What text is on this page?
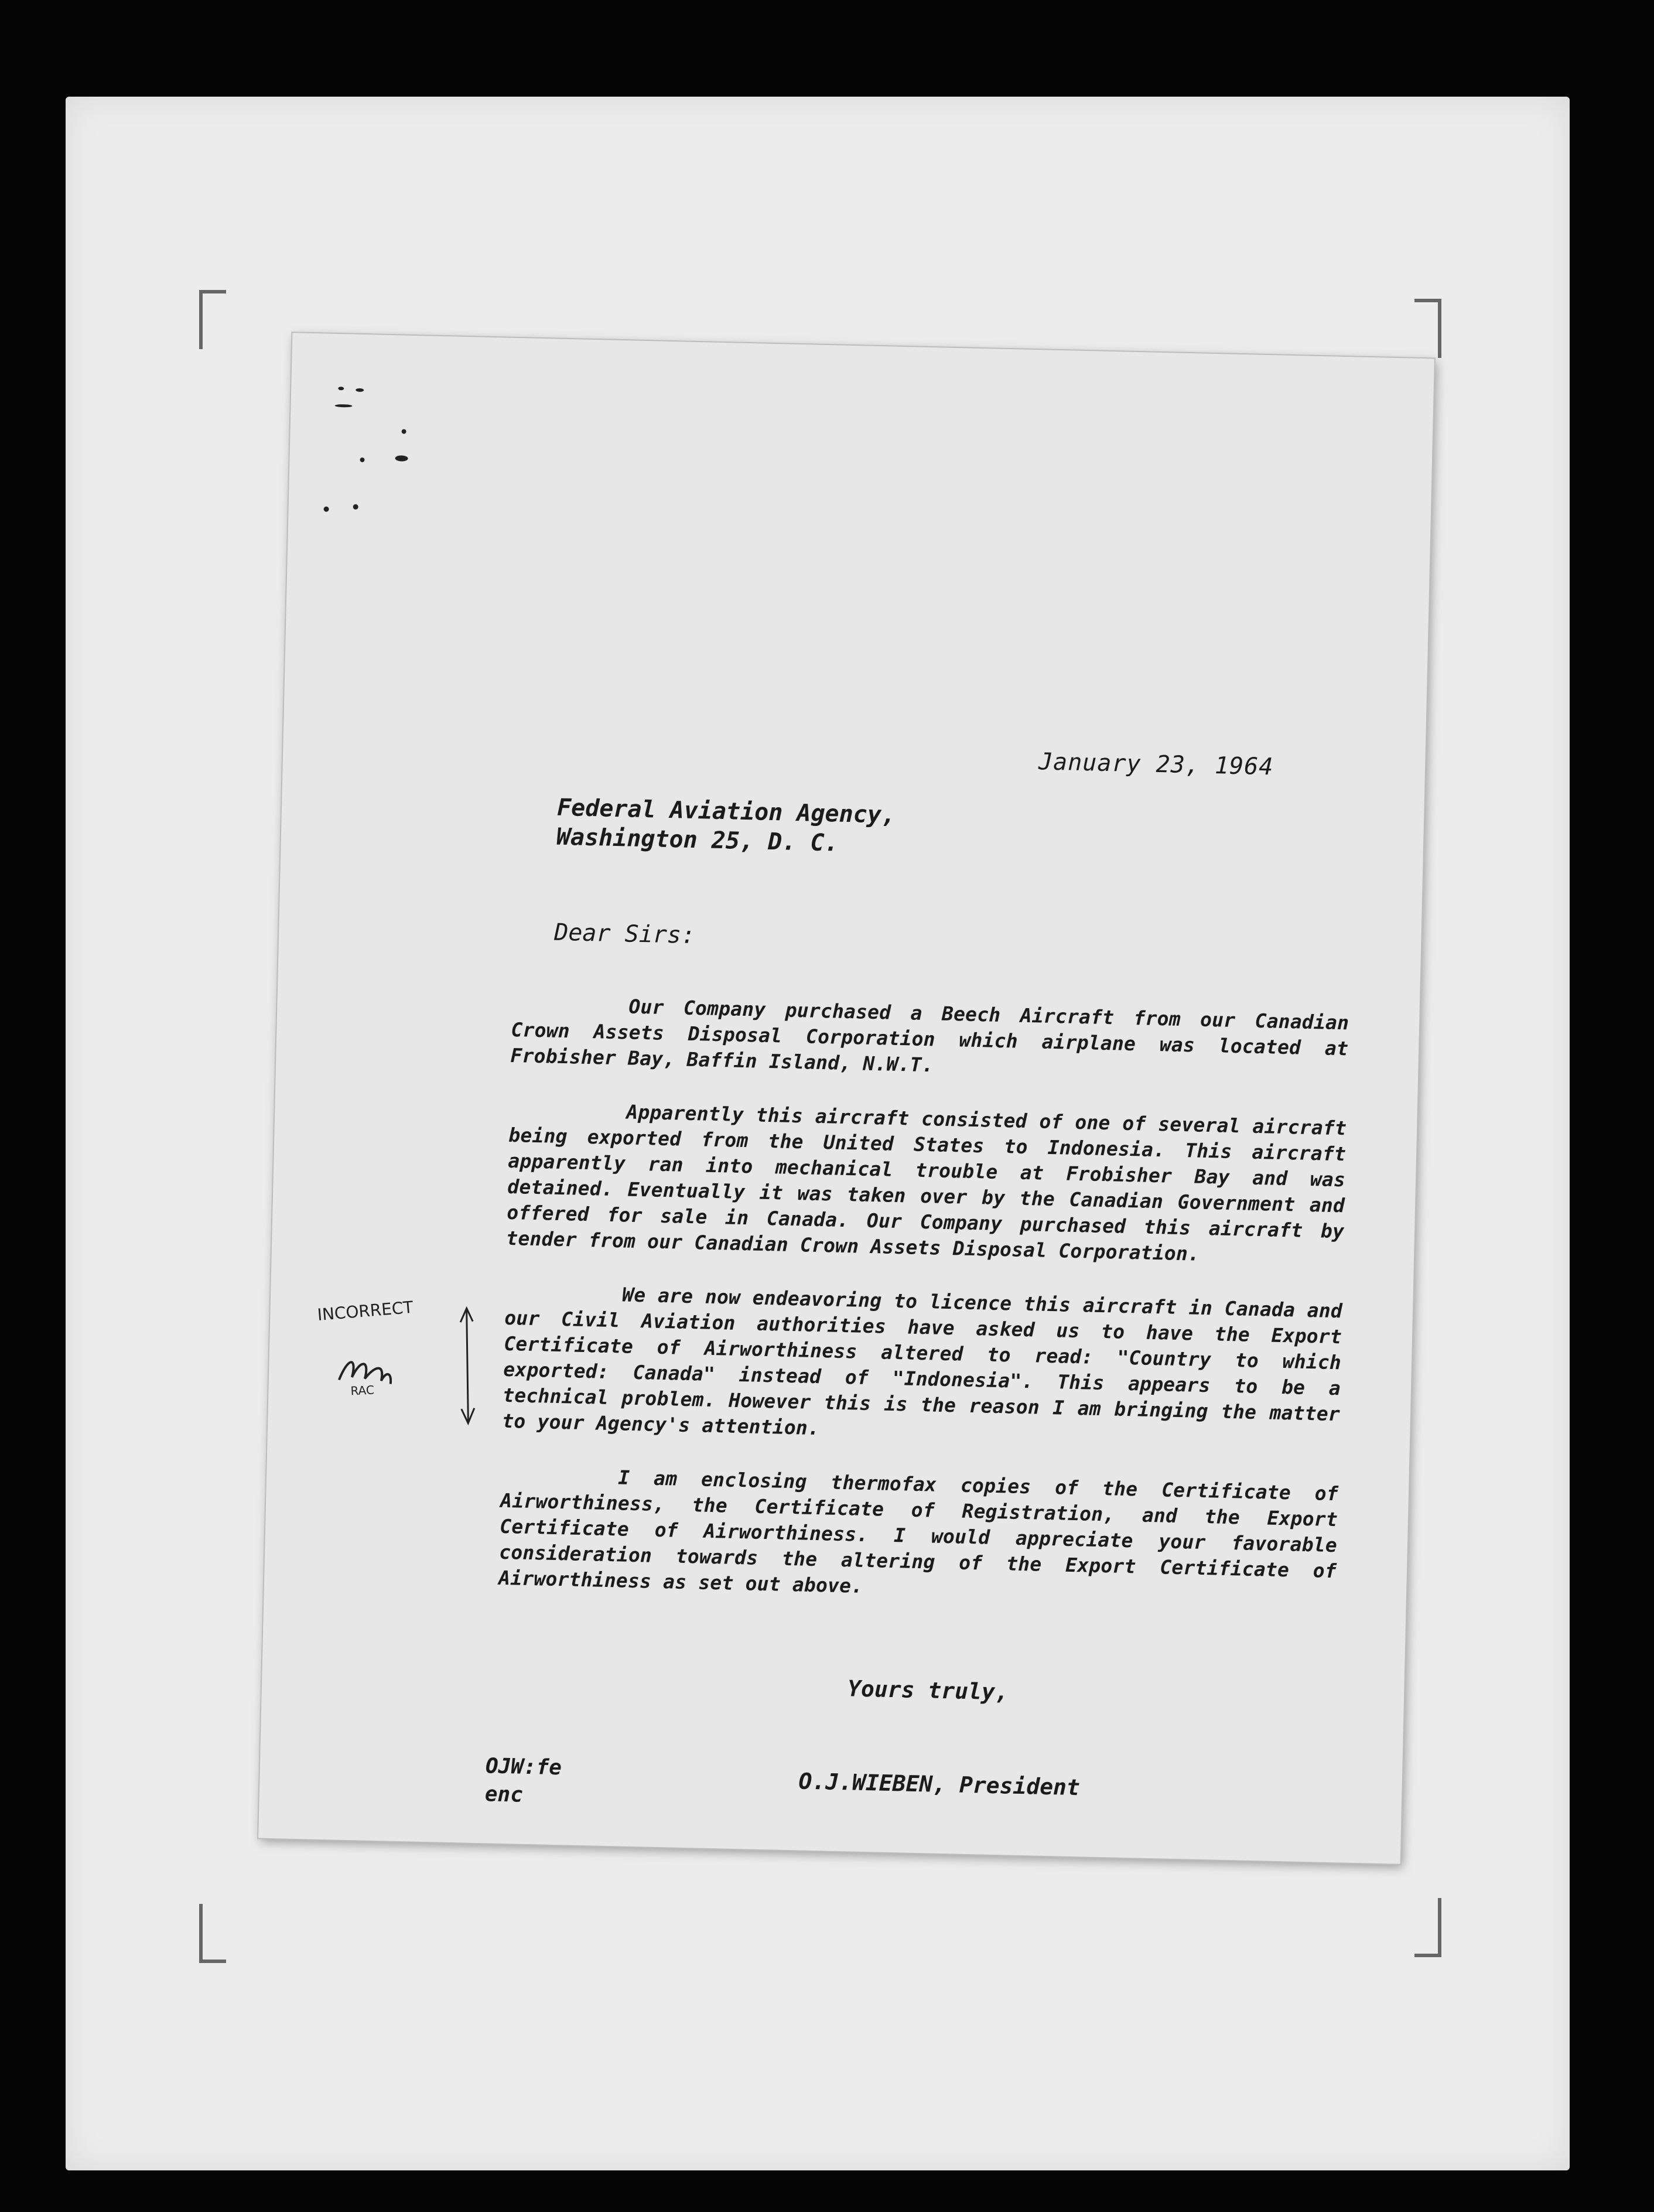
January 23, 1964
Federal Aviation Agency,
Washington 25, D. C.
Dear Sirs:

Our Company purchased a Beech Aircraft from our Canadian Crown Assets Disposal Corporation which airplane was located at Frobisher Bay, Baffin Island, N.W.T.

Apparently this aircraft consisted of one of several aircraft being exported from the United States to Indonesia. This aircraft apparently ran into mechanical trouble at Frobisher Bay and was detained. Eventually it was taken over by the Canadian Government and offered for sale in Canada. Our Company purchased this aircraft by tender from our Canadian Crown Assets Disposal Corporation.

We are now endeavoring to licence this aircraft in Canada and our Civil Aviation authorities have asked us to have the Export Certificate of Airworthiness altered to read: "Country to which exported: Canada" instead of "Indonesia". This appears to be a technical problem. However this is the reason I am bringing the matter to your Agency's attention.

I am enclosing thermofax copies of the Certificate of Airworthiness, the Certificate of Registration, and the Export Certificate of Airworthiness. I would appreciate your favorable consideration towards the altering of the Export Certificate of Airworthiness as set out above.

INCORRECT
RAC
Yours truly,
O.J.WIEBEN, President
OJW:fe
enc
